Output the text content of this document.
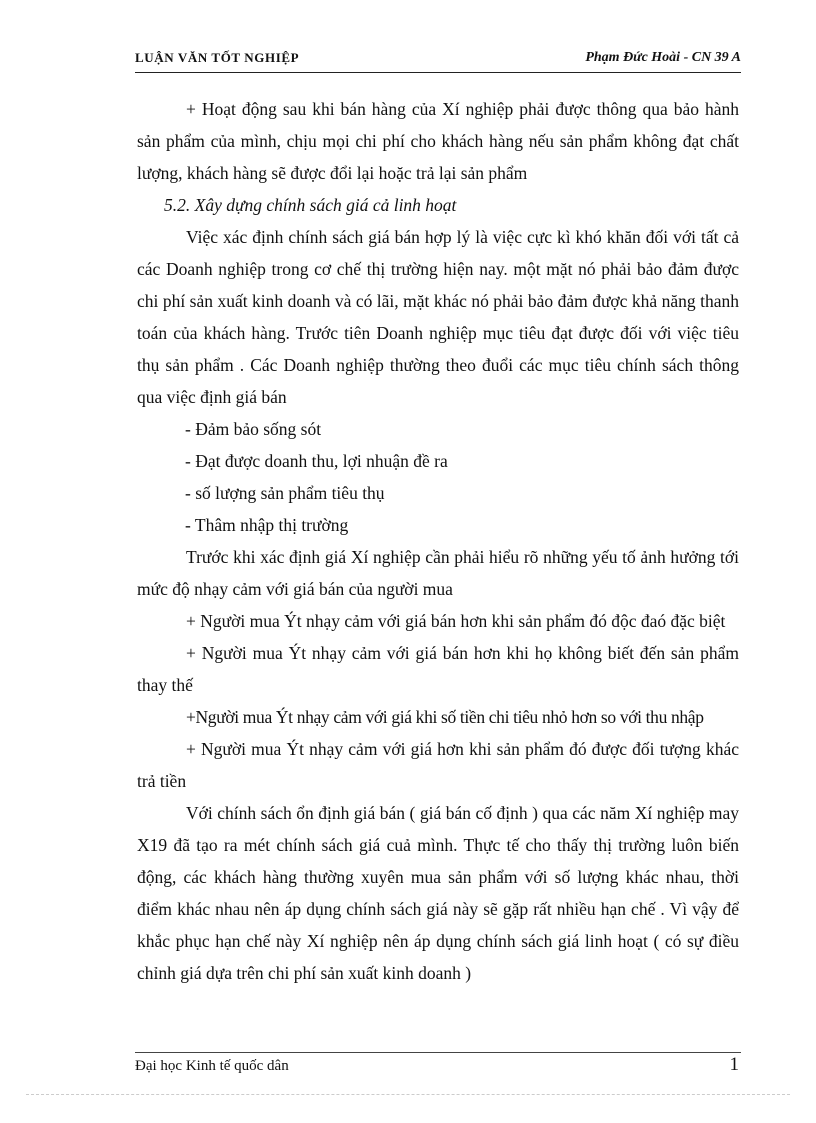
LUẬN VĂN TỐT NGHIỆP	Phạm Đức Hoài - CN 39 A

+ Hoạt động sau khi bán hàng của Xí nghiệp phải được thông qua bảo hành sản phẩm của mình, chịu mọi chi phí cho khách hàng nếu sản phẩm không đạt chất lượng, khách hàng sẽ được đổi lại hoặc trả lại sản phẩm

5.2. Xây dựng chính sách giá cả linh hoạt

Việc xác định chính sách giá bán hợp lý là việc cực kì khó khăn đối với tất cả các Doanh nghiệp trong cơ chế thị trường hiện nay. một mặt nó phải bảo đảm được chi phí sản xuất kinh doanh và có lãi, mặt khác nó phải bảo đảm được khả năng thanh toán của khách hàng. Trước tiên Doanh nghiệp mục tiêu đạt được đối với việc tiêu thụ sản phẩm . Các Doanh nghiệp thường theo đuổi các mục tiêu chính sách thông qua việc định giá bán

- Đảm bảo sống sót

- Đạt được doanh thu, lợi nhuận đề ra

- số lượng sản phẩm tiêu thụ

- Thâm nhập thị trường

Trước khi xác định giá Xí nghiệp cần phải hiểu rõ những yếu tố ảnh hưởng tới mức độ nhạy cảm với giá bán của người mua

+ Người mua Ýt nhạy cảm với giá bán hơn khi sản phẩm đó độc đaó đặc biệt

+ Người mua Ýt nhạy cảm với giá bán hơn khi họ không biết đến sản phẩm thay thế

+Người mua Ýt nhạy cảm với giá khi số tiền chi tiêu nhỏ hơn so với thu nhập

+ Người mua Ýt nhạy cảm với giá hơn khi sản phẩm đó được đối tượng khác trả tiền

Với chính sách ổn định giá bán ( giá bán cố định ) qua các năm Xí nghiệp may X19 đã tạo ra mét chính sách giá cuả mình. Thực tế cho thấy thị trường luôn biến động, các khách hàng thường xuyên mua sản phẩm với số lượng khác nhau, thời điểm khác nhau nên áp dụng chính sách giá này sẽ gặp rất nhiều hạn chế . Vì vậy để khắc phục hạn chế này Xí nghiệp nên áp dụng chính sách giá linh hoạt ( có sự điều chỉnh giá dựa trên chi phí sản xuất kinh doanh )

Đại học Kinh tế quốc dân	1
